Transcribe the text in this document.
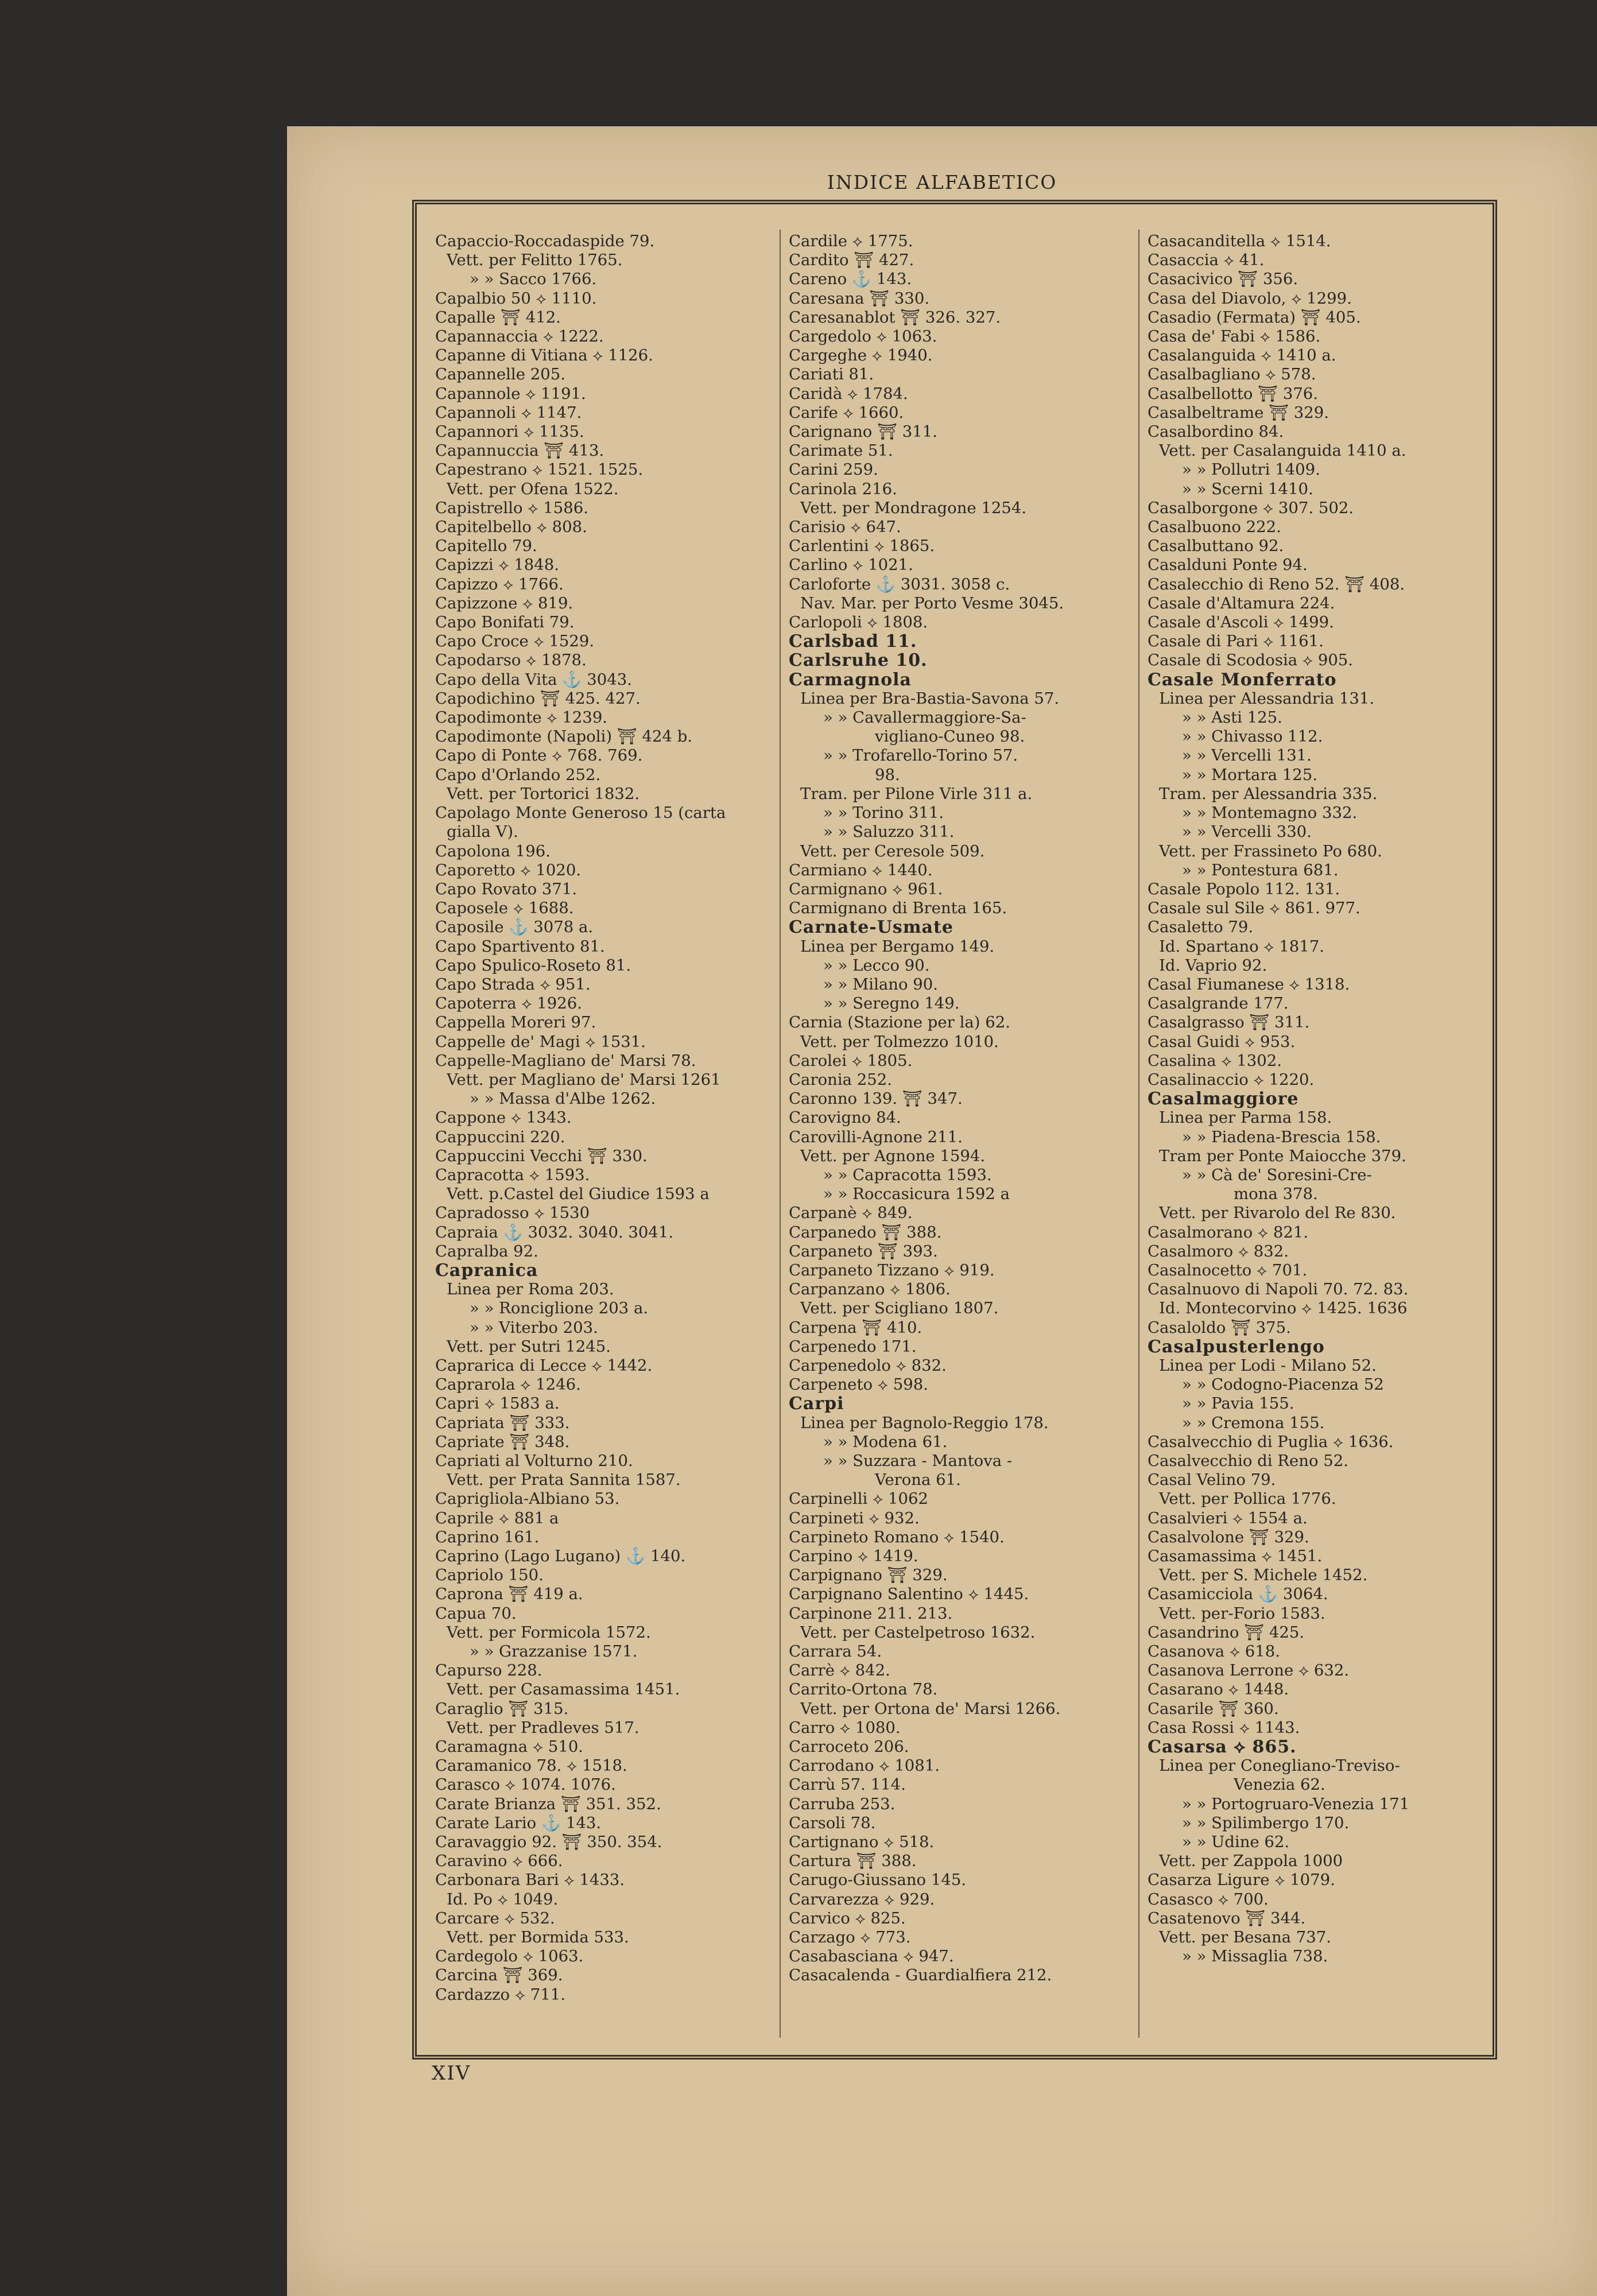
INDICE ALFABETICO
Capaccio-Roccadaspide 79.
Vett. per Felitto 1765.
» » Sacco 1766.
Capalbio 50 ⟡ 1110.
Capalle ⛩ 412.
Capannaccia ⟡ 1222.
Capanne di Vitiana ⟡ 1126.
Capannelle 205.
Capannole ⟡ 1191.
Capannoli ⟡ 1147.
Capannori ⟡ 1135.
Capannuccia ⛩ 413.
Capestrano ⟡ 1521. 1525.
Vett. per Ofena 1522.
Capistrello ⟡ 1586.
Capitelbello ⟡ 808.
Capitello 79.
Capizzi ⟡ 1848.
Capizzo ⟡ 1766.
Capizzone ⟡ 819.
Capo Bonifati 79.
Capo Croce ⟡ 1529.
Capodarso ⟡ 1878.
Capo della Vita ⚓ 3043.
Capodichino ⛩ 425. 427.
Capodimonte ⟡ 1239.
Capodimonte (Napoli) ⛩ 424 b.
Capo di Ponte ⟡ 768. 769.
Capo d'Orlando 252.
Vett. per Tortorici 1832.
Capolago Monte Generoso 15 (carta
gialla V).
Capolona 196.
Caporetto ⟡ 1020.
Capo Rovato 371.
Caposele ⟡ 1688.
Caposile ⚓ 3078 a.
Capo Spartivento 81.
Capo Spulico-Roseto 81.
Capo Strada ⟡ 951.
Capoterra ⟡ 1926.
Cappella Moreri 97.
Cappelle de' Magi ⟡ 1531.
Cappelle-Magliano de' Marsi 78.
Vett. per Magliano de' Marsi 1261
» » Massa d'Albe 1262.
Cappone ⟡ 1343.
Cappuccini 220.
Cappuccini Vecchi ⛩ 330.
Capracotta ⟡ 1593.
Vett. p.Castel del Giudice 1593 a
Capradosso ⟡ 1530
Capraia ⚓ 3032. 3040. 3041.
Capralba 92.
Capranica
Linea per Roma 203.
» » Ronciglione 203 a.
» » Viterbo 203.
Vett. per Sutri 1245.
Caprarica di Lecce ⟡ 1442.
Caprarola ⟡ 1246.
Capri ⟡ 1583 a.
Capriata ⛩ 333.
Capriate ⛩ 348.
Capriati al Volturno 210.
Vett. per Prata Sannita 1587.
Caprigliola-Albiano 53.
Caprile ⟡ 881 a
Caprino 161.
Caprino (Lago Lugano) ⚓ 140.
Capriolo 150.
Caprona ⛩ 419 a.
Capua 70.
Vett. per Formicola 1572.
» » Grazzanise 1571.
Capurso 228.
Vett. per Casamassima 1451.
Caraglio ⛩ 315.
Vett. per Pradleves 517.
Caramagna ⟡ 510.
Caramanico 78. ⟡ 1518.
Carasco ⟡ 1074. 1076.
Carate Brianza ⛩ 351. 352.
Carate Lario ⚓ 143.
Caravaggio 92. ⛩ 350. 354.
Caravino ⟡ 666.
Carbonara Bari ⟡ 1433.
Id. Po ⟡ 1049.
Carcare ⟡ 532.
Vett. per Bormida 533.
Cardegolo ⟡ 1063.
Carcina ⛩ 369.
Cardazzo ⟡ 711.
Cardile ⟡ 1775.
Cardito ⛩ 427.
Careno ⚓ 143.
Caresana ⛩ 330.
Caresanablot ⛩ 326. 327.
Cargedolo ⟡ 1063.
Cargeghe ⟡ 1940.
Cariati 81.
Caridà ⟡ 1784.
Carife ⟡ 1660.
Carignano ⛩ 311.
Carimate 51.
Carini 259.
Carinola 216.
Vett. per Mondragone 1254.
Carisio ⟡ 647.
Carlentini ⟡ 1865.
Carlino ⟡ 1021.
Carloforte ⚓ 3031. 3058 c.
Nav. Mar. per Porto Vesme 3045.
Carlopoli ⟡ 1808.
Carlsbad 11.
Carlsruhe 10.
Carmagnola
Linea per Bra-Bastia-Savona 57.
» » Cavallermaggiore-Sa-
vigliano-Cuneo 98.
» » Trofarello-Torino 57.
98.
Tram. per Pilone Virle 311 a.
» » Torino 311.
» » Saluzzo 311.
Vett. per Ceresole 509.
Carmiano ⟡ 1440.
Carmignano ⟡ 961.
Carmignano di Brenta 165.
Carnate-Usmate
Linea per Bergamo 149.
» » Lecco 90.
» » Milano 90.
» » Seregno 149.
Carnia (Stazione per la) 62.
Vett. per Tolmezzo 1010.
Carolei ⟡ 1805.
Caronia 252.
Caronno 139. ⛩ 347.
Carovigno 84.
Carovilli-Agnone 211.
Vett. per Agnone 1594.
» » Capracotta 1593.
» » Roccasicura 1592 a
Carpanè ⟡ 849.
Carpanedo ⛩ 388.
Carpaneto ⛩ 393.
Carpaneto Tizzano ⟡ 919.
Carpanzano ⟡ 1806.
Vett. per Scigliano 1807.
Carpena ⛩ 410.
Carpenedo 171.
Carpenedolo ⟡ 832.
Carpeneto ⟡ 598.
Carpi
Linea per Bagnolo-Reggio 178.
» » Modena 61.
» » Suzzara - Mantova -
Verona 61.
Carpinelli ⟡ 1062
Carpineti ⟡ 932.
Carpineto Romano ⟡ 1540.
Carpino ⟡ 1419.
Carpignano ⛩ 329.
Carpignano Salentino ⟡ 1445.
Carpinone 211. 213.
Vett. per Castelpetroso 1632.
Carrara 54.
Carrè ⟡ 842.
Carrito-Ortona 78.
Vett. per Ortona de' Marsi 1266.
Carro ⟡ 1080.
Carroceto 206.
Carrodano ⟡ 1081.
Carrù 57. 114.
Carruba 253.
Carsoli 78.
Cartignano ⟡ 518.
Cartura ⛩ 388.
Carugo-Giussano 145.
Carvarezza ⟡ 929.
Carvico ⟡ 825.
Carzago ⟡ 773.
Casabasciana ⟡ 947.
Casacalenda - Guardialfiera 212.
Casacanditella ⟡ 1514.
Casaccia ⟡ 41.
Casacivico ⛩ 356.
Casa del Diavolo, ⟡ 1299.
Casadio (Fermata) ⛩ 405.
Casa de' Fabi ⟡ 1586.
Casalanguida ⟡ 1410 a.
Casalbagliano ⟡ 578.
Casalbellotto ⛩ 376.
Casalbeltrame ⛩ 329.
Casalbordino 84.
Vett. per Casalanguida 1410 a.
» » Pollutri 1409.
» » Scerni 1410.
Casalborgone ⟡ 307. 502.
Casalbuono 222.
Casalbuttano 92.
Casalduni Ponte 94.
Casalecchio di Reno 52. ⛩ 408.
Casale d'Altamura 224.
Casale d'Ascoli ⟡ 1499.
Casale di Pari ⟡ 1161.
Casale di Scodosia ⟡ 905.
Casale Monferrato
Linea per Alessandria 131.
» » Asti 125.
» » Chivasso 112.
» » Vercelli 131.
» » Mortara 125.
Tram. per Alessandria 335.
» » Montemagno 332.
» » Vercelli 330.
Vett. per Frassineto Po 680.
» » Pontestura 681.
Casale Popolo 112. 131.
Casale sul Sile ⟡ 861. 977.
Casaletto 79.
Id. Spartano ⟡ 1817.
Id. Vaprio 92.
Casal Fiumanese ⟡ 1318.
Casalgrande 177.
Casalgrasso ⛩ 311.
Casal Guidi ⟡ 953.
Casalina ⟡ 1302.
Casalinaccio ⟡ 1220.
Casalmaggiore
Linea per Parma 158.
» » Piadena-Brescia 158.
Tram per Ponte Maiocche 379.
» » Cà de' Soresini-Cre-
mona 378.
Vett. per Rivarolo del Re 830.
Casalmorano ⟡ 821.
Casalmoro ⟡ 832.
Casalnocetto ⟡ 701.
Casalnuovo di Napoli 70. 72. 83.
Id. Montecorvino ⟡ 1425. 1636
Casaloldo ⛩ 375.
Casalpusterlengo
Linea per Lodi - Milano 52.
» » Codogno-Piacenza 52
» » Pavia 155.
» » Cremona 155.
Casalvecchio di Puglia ⟡ 1636.
Casalvecchio di Reno 52.
Casal Velino 79.
Vett. per Pollica 1776.
Casalvieri ⟡ 1554 a.
Casalvolone ⛩ 329.
Casamassima ⟡ 1451.
Vett. per S. Michele 1452.
Casamicciola ⚓ 3064.
Vett. per-Forio 1583.
Casandrino ⛩ 425.
Casanova ⟡ 618.
Casanova Lerrone ⟡ 632.
Casarano ⟡ 1448.
Casarile ⛩ 360.
Casa Rossi ⟡ 1143.
Casarsa ⟡ 865.
Linea per Conegliano-Treviso-
Venezia 62.
» » Portogruaro-Venezia 171
» » Spilimbergo 170.
» » Udine 62.
Vett. per Zappola 1000
Casarza Ligure ⟡ 1079.
Casasco ⟡ 700.
Casatenovo ⛩ 344.
Vett. per Besana 737.
» » Missaglia 738.
XIV
